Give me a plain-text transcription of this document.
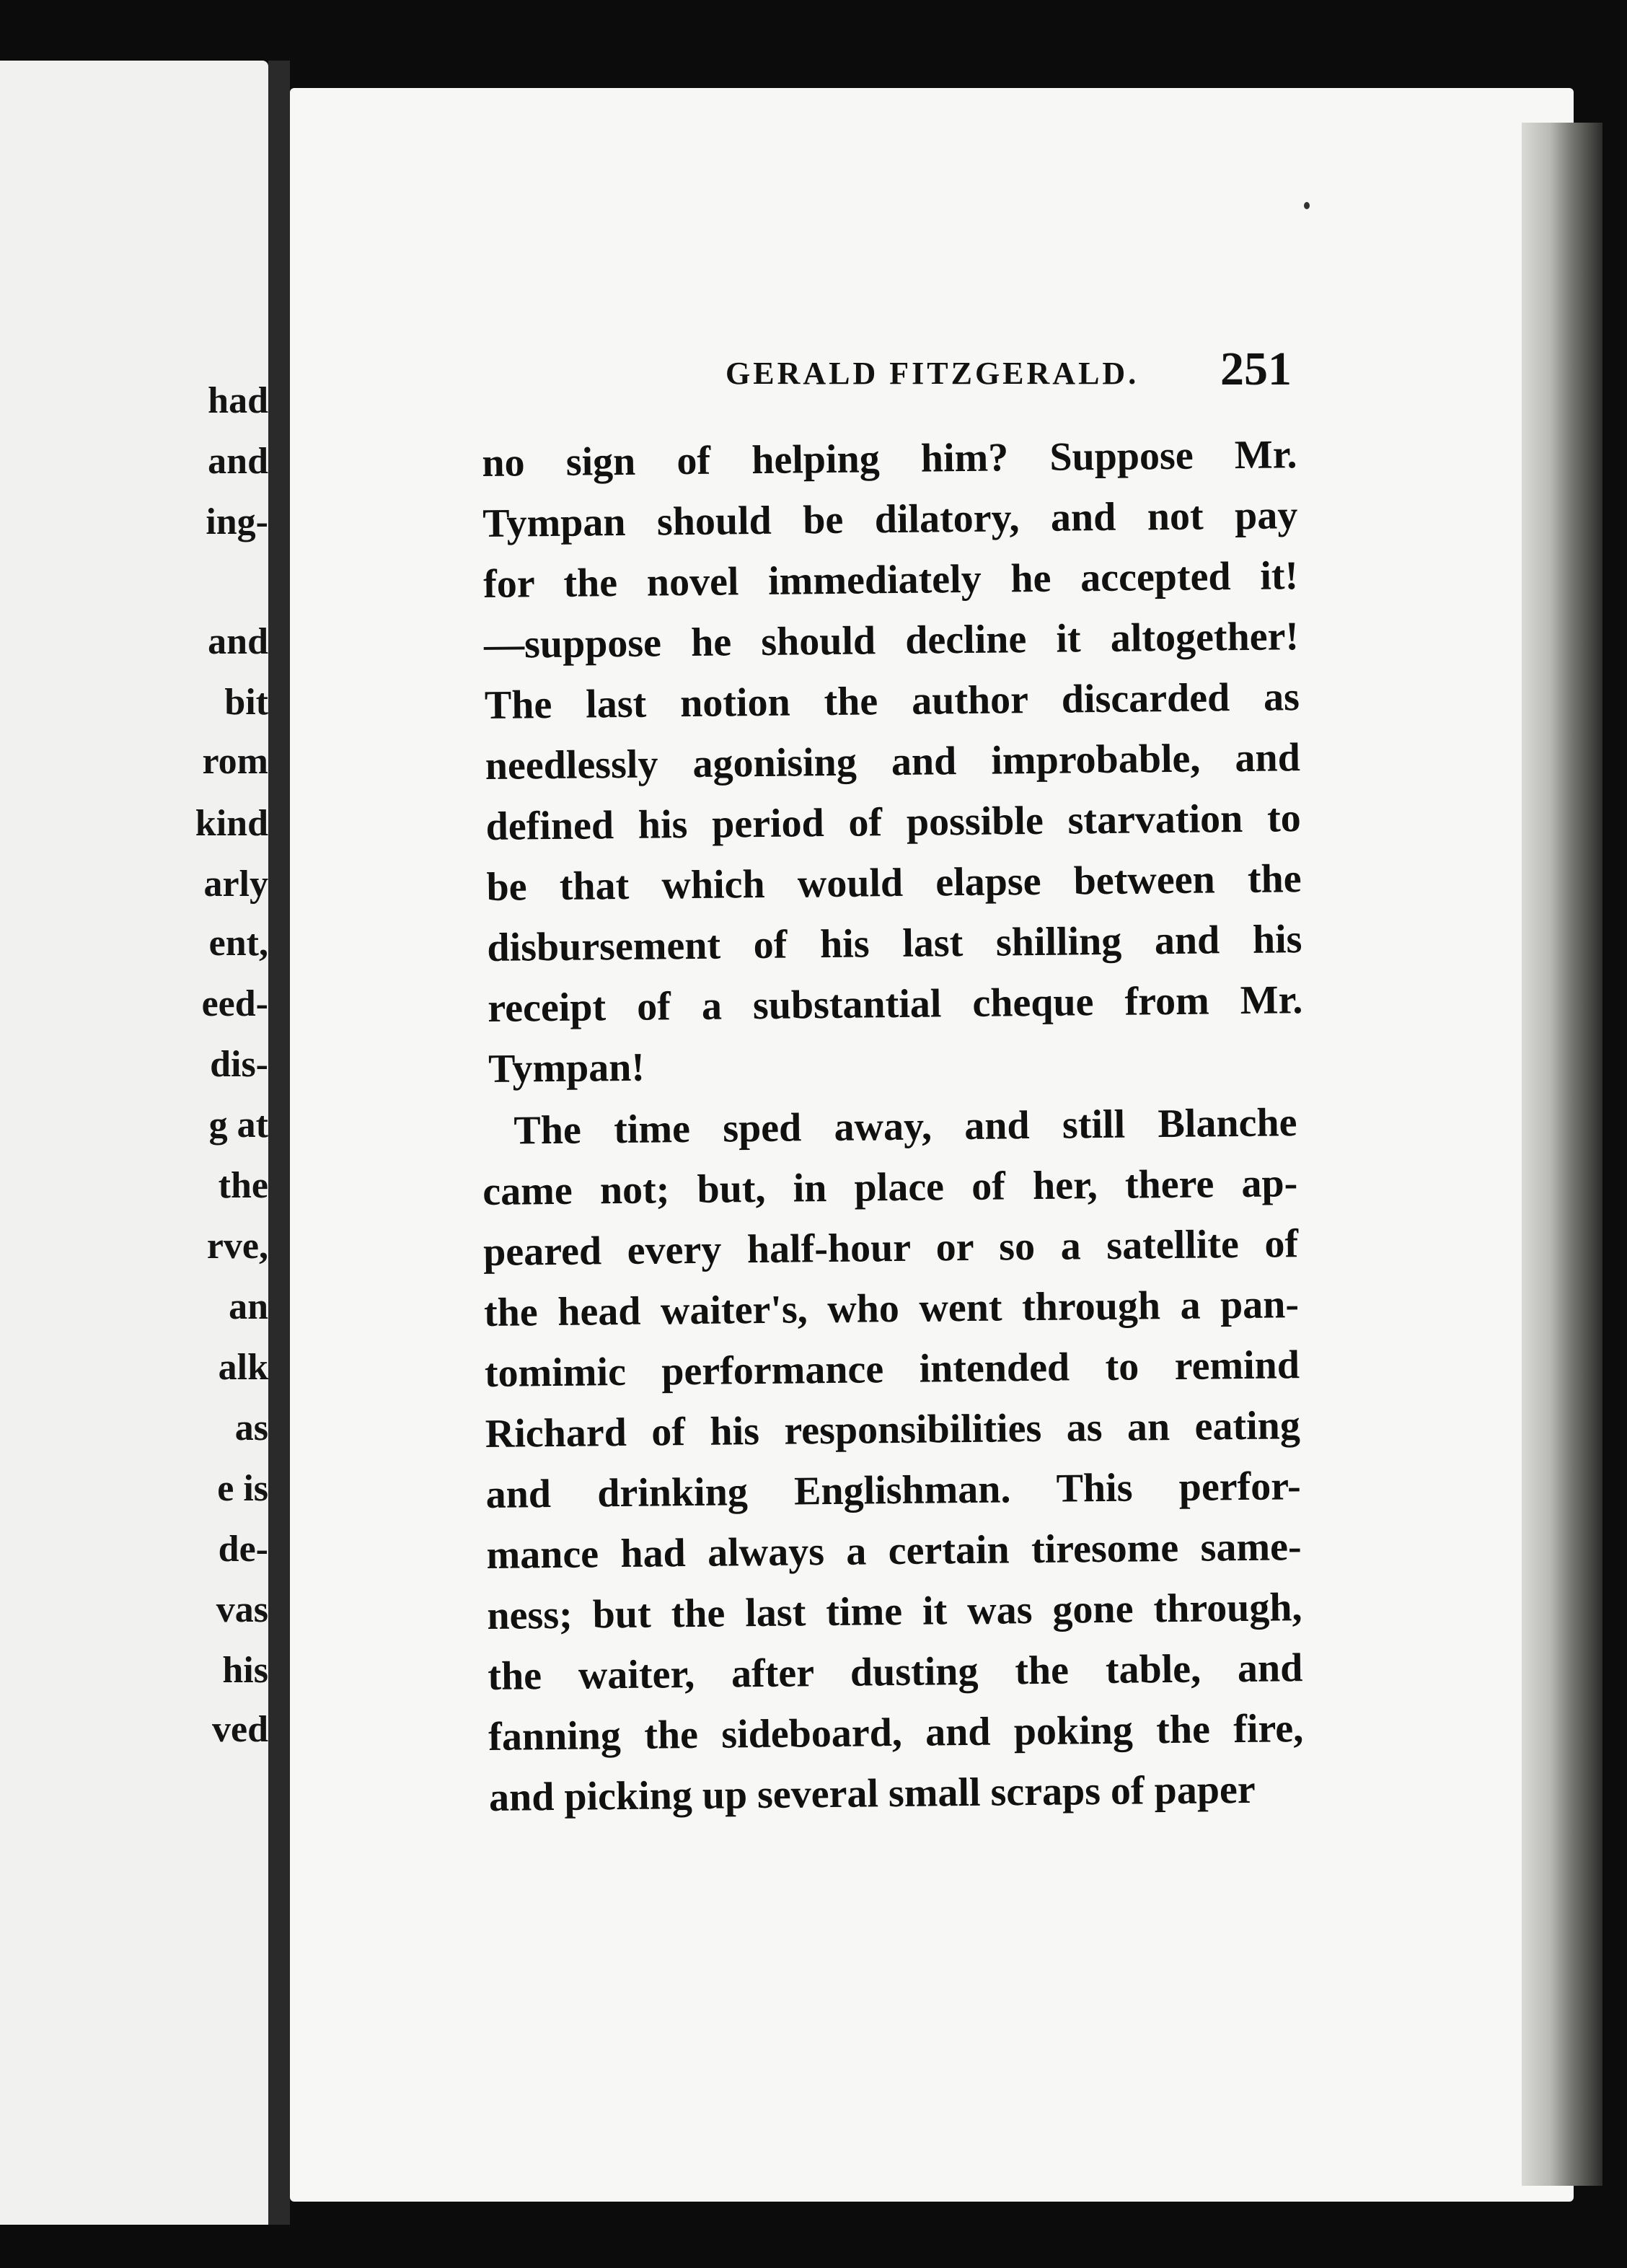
had
and
ing-
and
bit
rom
kind
arly
ent,
eed-
dis-
g at
the
rve,
an
alk
as
e is
de-
vas
his
ved
GERALD FITZGERALD. 251
no sign of helping him? Suppose Mr.
Tympan should be dilatory, and not pay
for the novel immediately he accepted it!
—suppose he should decline it altogether!
The last notion the author discarded as
needlessly agonising and improbable, and
defined his period of possible starvation to
be that which would elapse between the
disbursement of his last shilling and his
receipt of a substantial cheque from Mr.
Tympan!
The time sped away, and still Blanche
came not; but, in place of her, there ap-
peared every half-hour or so a satellite of
the head waiter's, who went through a pan-
tomimic performance intended to remind
Richard of his responsibilities as an eating
and drinking Englishman. This perfor-
mance had always a certain tiresome same-
ness; but the last time it was gone through,
the waiter, after dusting the table, and
fanning the sideboard, and poking the fire,
and picking up several small scraps of paper
